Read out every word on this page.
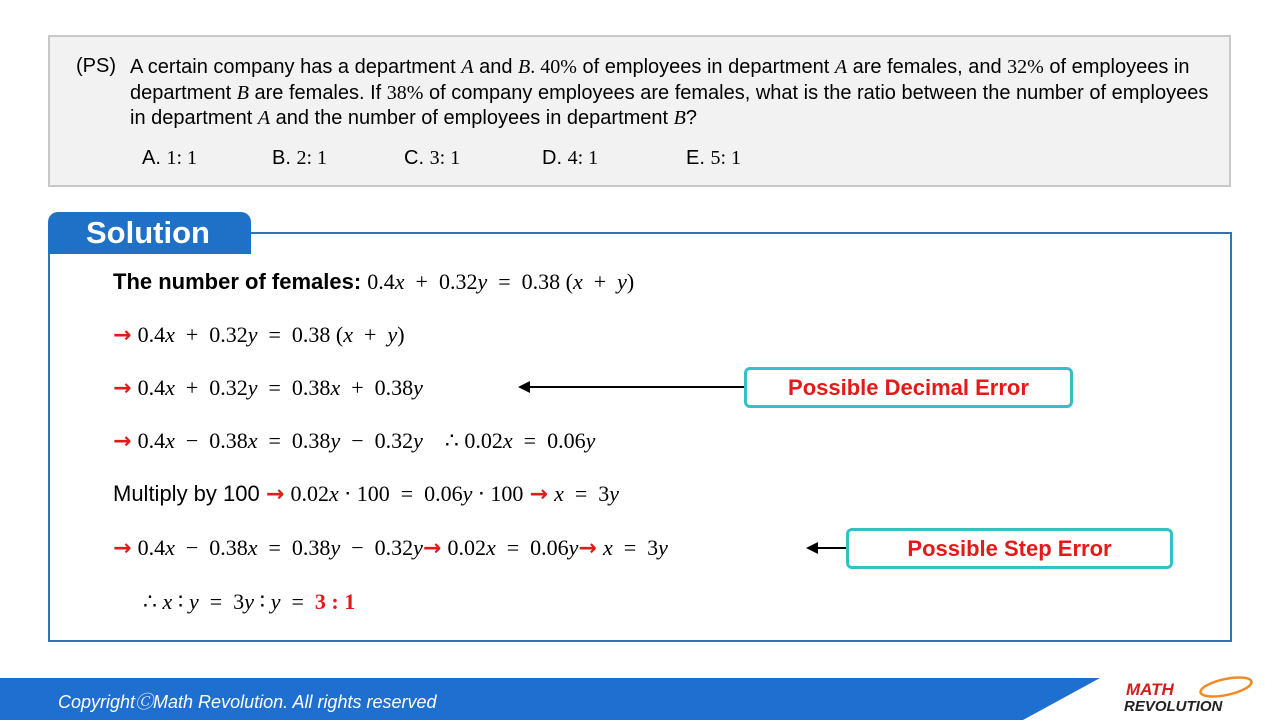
(PS) A certain company has a department A and B. 40% of employees in department A are females, and 32% of employees in department B are females. If 38% of company employees are females, what is the ratio between the number of employees in department A and the number of employees in department B?
A. 1: 1	B. 2: 1	C. 3: 1	D. 4: 1	E. 5: 1
Solution
The number of females: 0.4x  +  0.32y  =  0.38 (x  +  y)
→ 0.4x  +  0.32y  =  0.38 (x  +  y)
→ 0.4x  +  0.32y  =  0.38x  +  0.38y	Possible Decimal Error
→ 0.4x  −  0.38x  =  0.38y  −  0.32y    ∴ 0.02x  =  0.06y
Multiply by 100 → 0.02x ⋅ 100  =  0.06y ⋅ 100 → x  =  3y
→ 0.4x  −  0.38x  =  0.38y  −  0.32y→ 0.02x  =  0.06y→ x  =  3y	Possible Step Error
∴ x ∶ y  =  3y ∶ y  =  3 : 1
CopyrightⒸMath Revolution. All rights reserved
MATH
REVOLUTION
